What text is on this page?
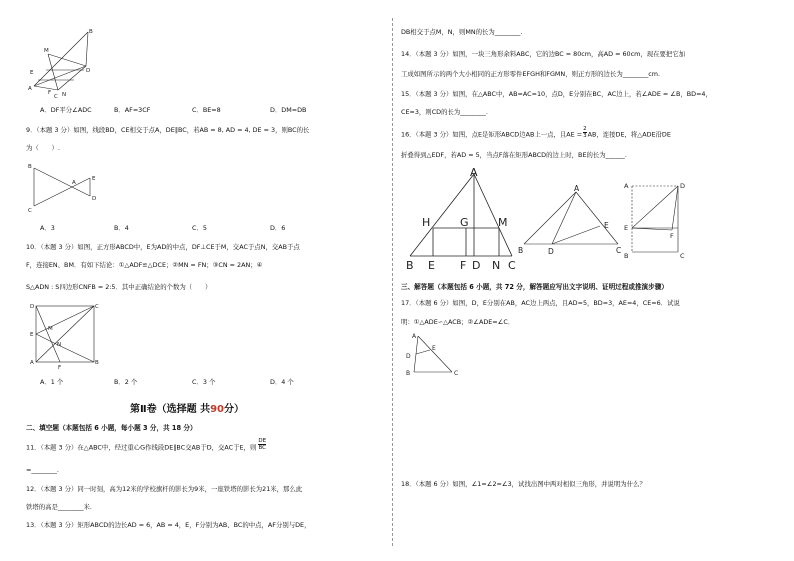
B
M
D
A
F
C N
E
A．DF平分∠ADC	B．AF=3CF	C．BE=8	D．DM=DB
9．（本题 3 分）如图，线段BD，CE相交于点A，DE∥BC，若AB = 8, AD = 4, DE = 3，则BC的长
为（　　）.
B
E
A
D
C
A．3	B．4	C．5	D．6
10．（本题 3 分）如图，正方形ABCD中，E为AD的中点，DF⊥CE于M，交AC于点N，交AB于点
F，连接EN、BM．有如下结论：①△ADF≌△DCE；②MN = FN；③CN = 2AN；④
S△ADN : S四边形CNFB = 2:5．其中正确结论的个数为（　　）
D	C
E
M
N
A
F
B
A．1 个	B．2 个	C．3 个	D．4 个
第Ⅱ卷（选择题 共90分）
二、填空题（本题包括 6 小题，每小题 3 分，共 18 分）
11．（本题 3 分）在△ABC中，经过重心G作线段DE∥BC交AB于D，交AC于E，则 $\frac{DE}{BC}$
=________.
12．（本题 3 分）同一时刻，高为12米的学校旗杆的影长为9米，一座铁塔的影长为21米，那么此
铁塔的高是________米.
13．（本题 3 分）矩形ABCD的边长AD = 6，AB = 4，E，F分别为AB、BC的中点，AF分别与DE，
DB相交于点M，N，则MN的长为________.
14．（本题 3 分）如图，一块三角形余料ABC，它的边BC = 80cm，高AD = 60cm，现在要把它加
工成如图所示的两个大小相同的正方形零件EFGH和FGMN，则正方形的边长为________cm.
15．（本题 3 分）如图，在△ABC中，AB=AC=10，点D，E分别在BC，AC边上，若∠ADE = ∠B，BD=4，
CE=3，则CD的长为________.
16．（本题 3 分）如图，点E是矩形ABCD边AB上一点，且AE = $\frac{2}{3}$ AB，连接DE，将△ADE沿DE
折叠得到△EDF，若AD = 5，当点F落在矩形ABCD的边上时，BE的长为______.
A
H	G	M
B E F D N C
A
E
B	D	C
A	D
F
E
B	C
三、解答题（本题包括 6 小题，共 72 分，解答题应写出文字说明、证明过程或推演步骤）
17．（本题 6 分）如图，D，E分别在AB，AC边上两点，且AD=5，BD=3，AE=4，CE=6．试说
明：①△ADE∽△ACB；②∠ADE=∠C．
A
E
D
B	C
18．（本题 6 分）如图，∠1=∠2=∠3，试找出图中两对相似三角形，并说明为什么？
